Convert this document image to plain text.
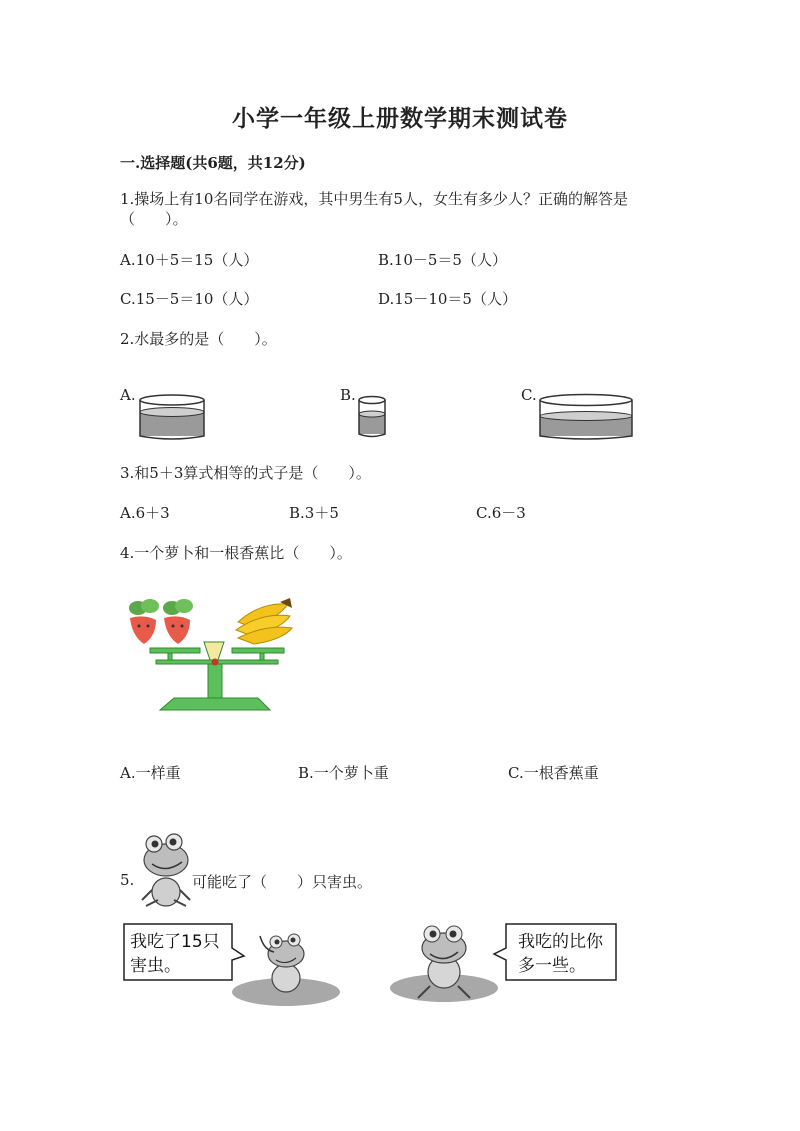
小学一年级上册数学期末测试卷
一.选择题(共6题，共12分)
1.操场上有10名同学在游戏，其中男生有5人，女生有多少人？正确的解答是
（　　）。
A.10＋5＝15（人）	B.10－5＝5（人）
C.15－5＝10（人）	D.15－10＝5（人）
2.水最多的是（　　）。
A.	B.	C.
3.和5＋3算式相等的式子是（　　）。
A.6＋3	B.3＋5	C.6－3
4.一个萝卜和一根香蕉比（　　）。
A.一样重	B.一个萝卜重	C.一根香蕉重
5.	可能吃了（　　）只害虫。
我吃了15只
害虫。
我吃的比你
多一些。
